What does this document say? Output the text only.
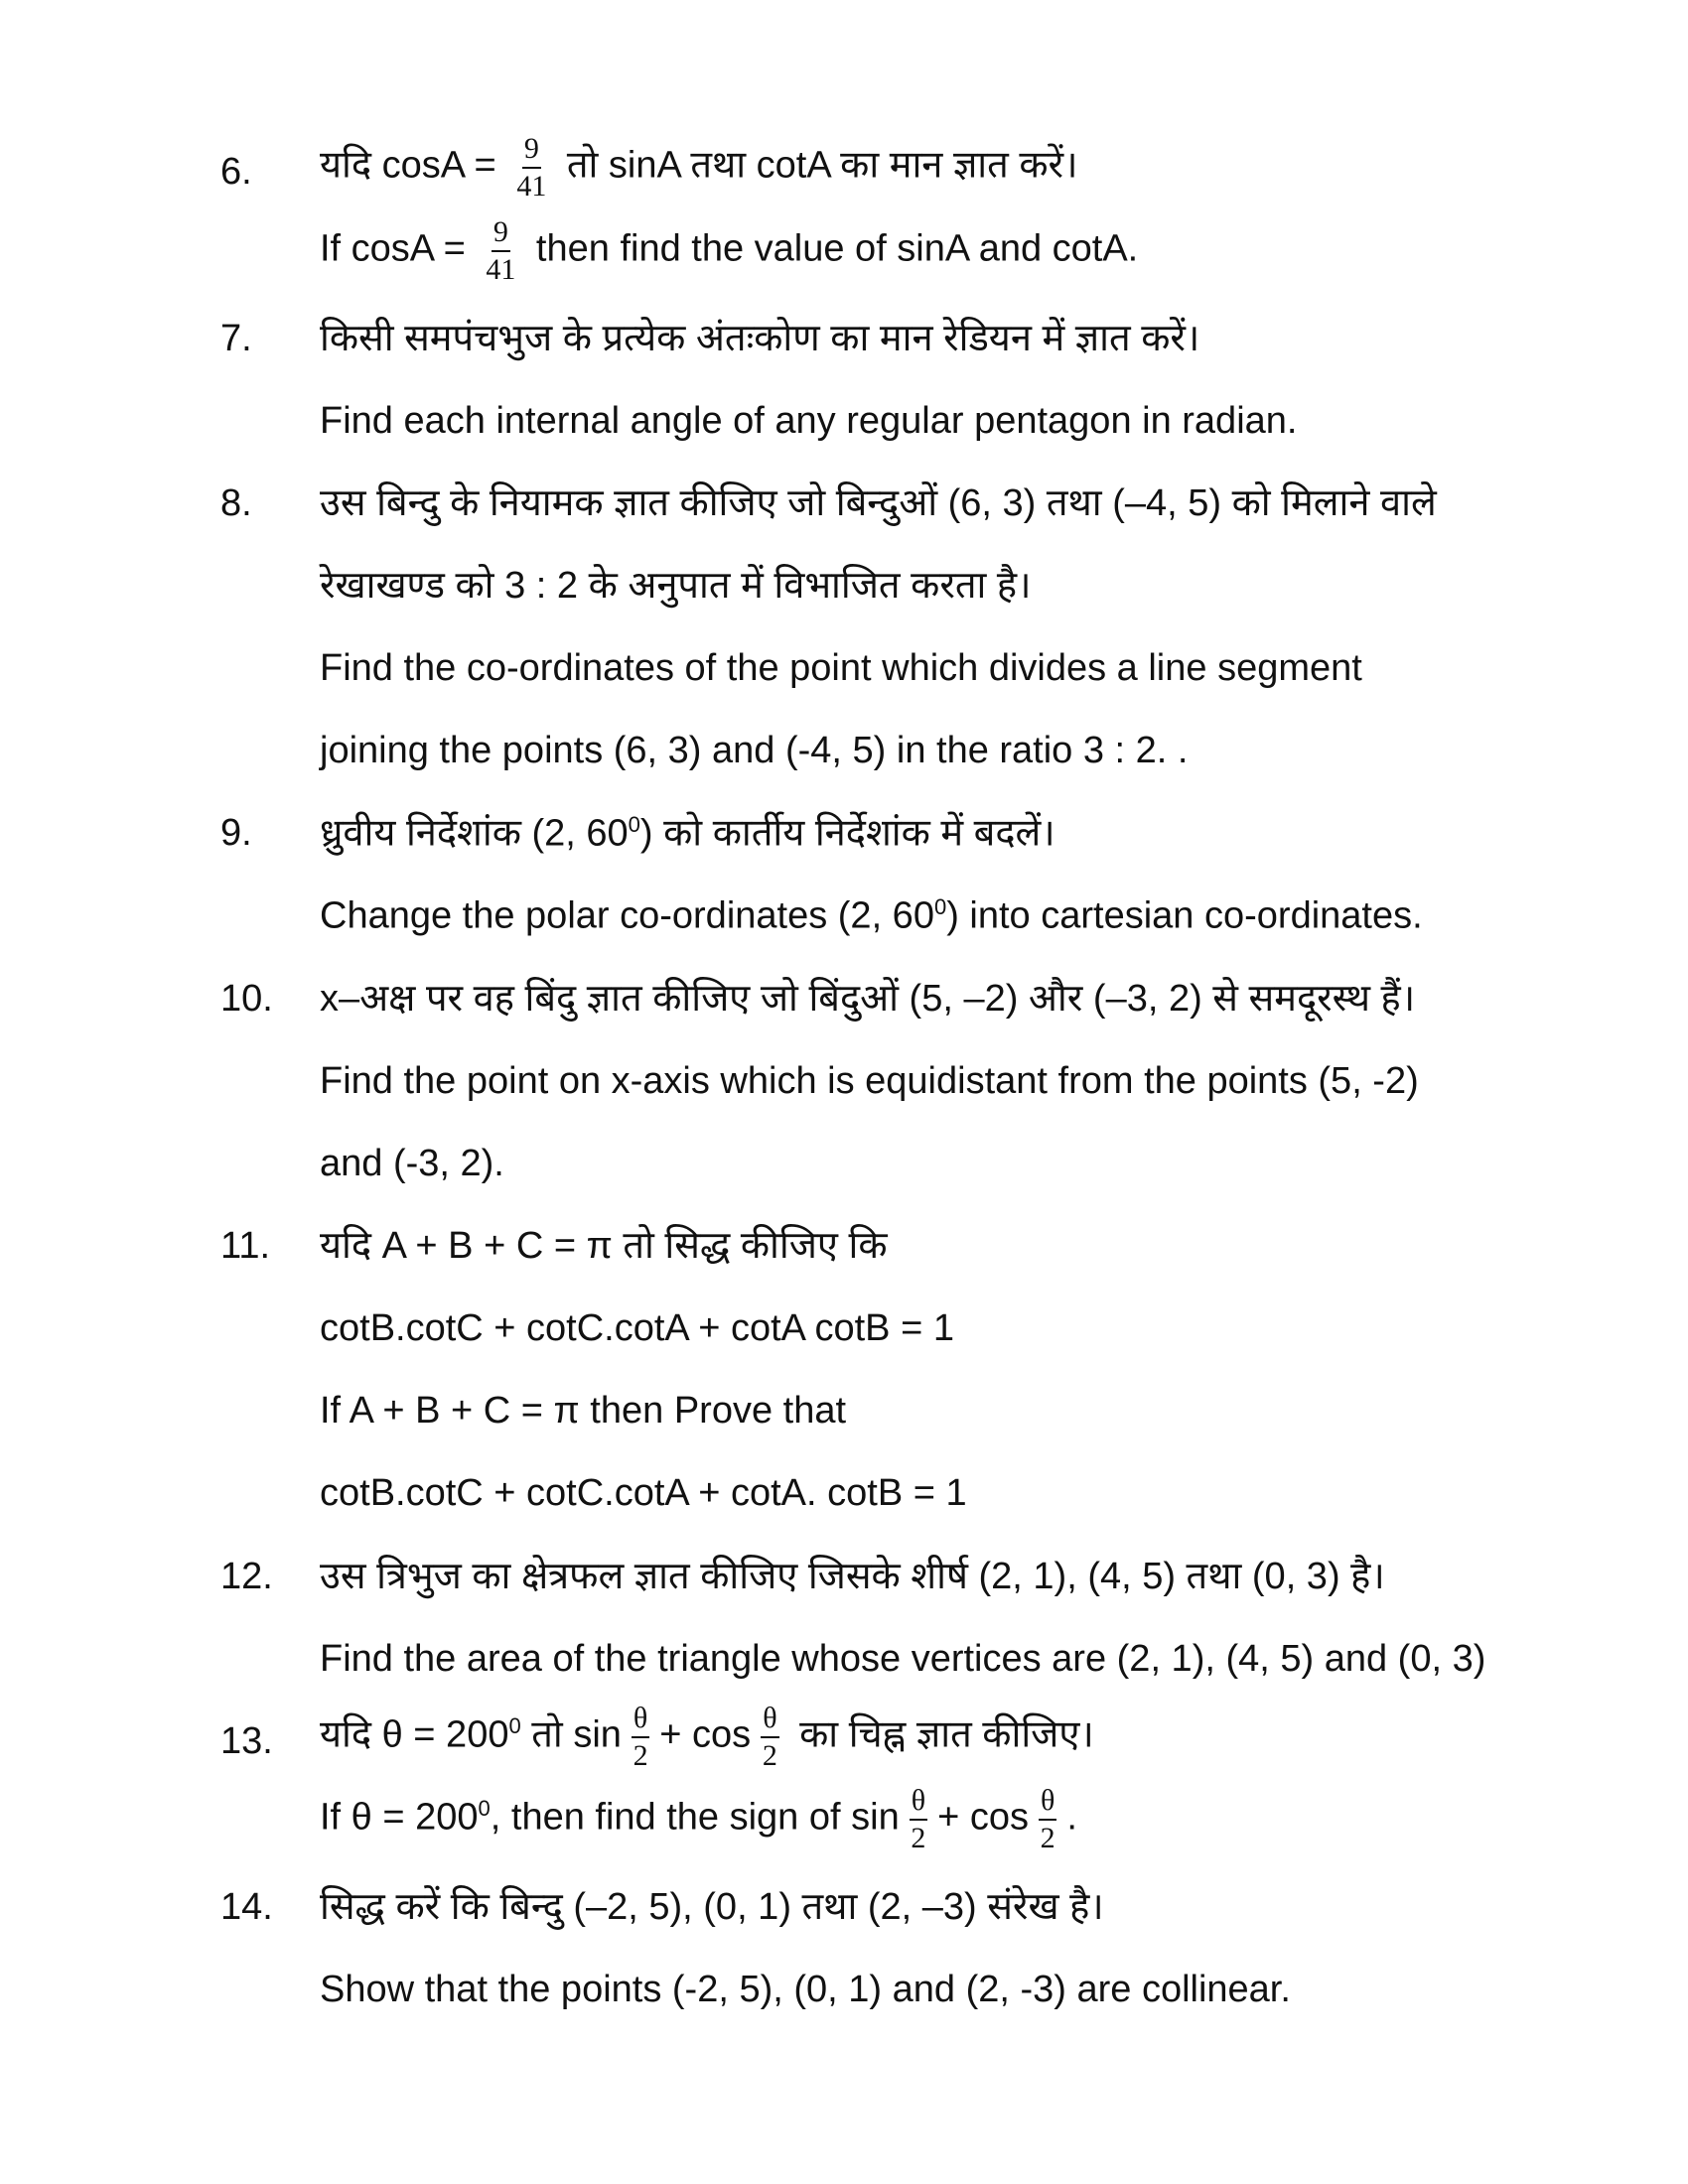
6. यदि $\cos A = \frac{9}{41}$ तो sinA तथा cotA का मान ज्ञात करें।
If $\cos A = \frac{9}{41}$ then find the value of sinA and cotA.
7. किसी समपंचभुज के प्रत्येक अंतःकोण का मान रेडियन में ज्ञात करें।
Find each internal angle of any regular pentagon in radian.
8. उस बिन्दु के नियामक ज्ञात कीजिए जो बिन्दुओं (6, 3) तथा (–4, 5) को मिलाने वाले
रेखाखण्ड को 3 : 2 के अनुपात में विभाजित करता है।
Find the co-ordinates of the point which divides a line segment
joining the points (6, 3) and (-4, 5) in the ratio 3 : 2. .
9. ध्रुवीय निर्देशांक (2, $60^0$) को कार्तीय निर्देशांक में बदलें।
Change the polar co-ordinates (2, $60^0$) into cartesian co-ordinates.
10. x–अक्ष पर वह बिंदु ज्ञात कीजिए जो बिंदुओं (5, –2) और (–3, 2) से समदूरस्थ हैं।
Find the point on x-axis which is equidistant from the points (5, -2)
and (-3, 2).
11. यदि A + B + C = π तो सिद्ध कीजिए कि
cotB.cotC + cotC.cotA + cotA cotB = 1
If A + B + C = π then Prove that
cotB.cotC + cotC.cotA + cotA. cotB = 1
12. उस त्रिभुज का क्षेत्रफल ज्ञात कीजिए जिसके शीर्ष (2, 1), (4, 5) तथा (0, 3) है।
Find the area of the triangle whose vertices are (2, 1), (4, 5) and (0, 3)
13. यदि $\theta = 200^0$ तो $\sin \frac{\theta}{2} + \cos \frac{\theta}{2}$ का चिह्न ज्ञात कीजिए।
If $\theta = 200^0$, then find the sign of $\sin \frac{\theta}{2} + \cos \frac{\theta}{2}$ .
14. सिद्ध करें कि बिन्दु (–2, 5), (0, 1) तथा (2, –3) संरेख है।
Show that the points (-2, 5), (0, 1) and (2, -3) are collinear.
